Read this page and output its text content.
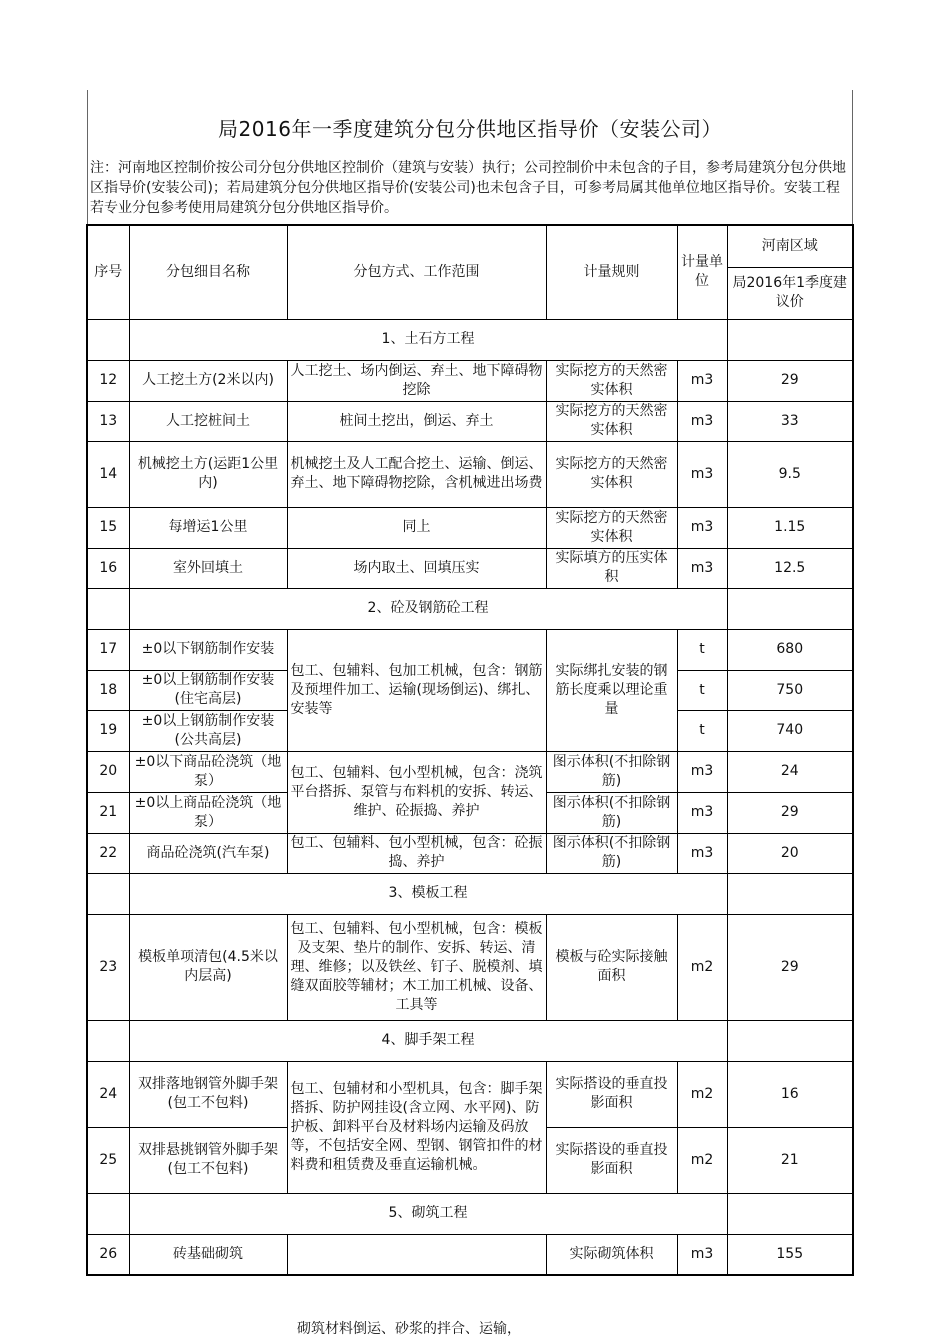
局2016年一季度建筑分包分供地区指导价（安装公司）
注：河南地区控制价按公司分包分供地区控制价（建筑与安装）执行；公司控制价中未包含的子目，参考局建筑分包分供地区指导价(安装公司)；若局建筑分包分供地区指导价(安装公司)也未包含子目，可参考局属其他单位地区指导价。安装工程若专业分包参考使用局建筑分包分供地区指导价。
序号	分包细目名称	分包方式、工作范围	计量规则	计量单位	河南区域
					局2016年1季度建议价
	1、土石方工程				
12	人工挖土方(2米以内)	人工挖土、场内倒运、弃土、地下障碍物挖除	实际挖方的天然密实体积	m3	29
13	人工挖桩间土	桩间土挖出，倒运、弃土	实际挖方的天然密实体积	m3	33
14	机械挖土方(运距1公里内)	机械挖土及人工配合挖土、运输、倒运、弃土、地下障碍物挖除，含机械进出场费	实际挖方的天然密实体积	m3	9.5
15	每增运1公里	同上	实际挖方的天然密实体积	m3	1.15
16	室外回填土	场内取土、回填压实	实际填方的压实体积	m3	12.5
	2、砼及钢筋砼工程				
17	±0以下钢筋制作安装	包工、包辅料、包加工机械，包含：钢筋及预埋件加工、运输(现场倒运)、绑扎、安装等	实际绑扎安装的钢筋长度乘以理论重量	t	680
18	±0以上钢筋制作安装(住宅高层)			t	750
19	±0以上钢筋制作安装(公共高层)			t	740
20	±0以下商品砼浇筑（地泵）	包工、包辅料、包小型机械，包含：浇筑平台搭拆、泵管与布料机的安拆、转运、维护、砼振捣、养护	图示体积(不扣除钢筋)	m3	24
21	±0以上商品砼浇筑（地泵）		图示体积(不扣除钢筋)	m3	29
22	商品砼浇筑(汽车泵)	包工、包辅料、包小型机械，包含：砼振捣、养护	图示体积(不扣除钢筋)	m3	20
	3、模板工程				
23	模板单项清包(4.5米以内层高)	包工、包辅料、包小型机械，包含：模板及支架、垫片的制作、安拆、转运、清理、维修；以及铁丝、钉子、脱模剂、填缝双面胶等辅材；木工加工机械、设备、工具等	模板与砼实际接触面积	m2	29
	4、脚手架工程				
24	双排落地钢管外脚手架(包工不包料)	包工、包辅材和小型机具，包含：脚手架搭拆、防护网挂设(含立网、水平网)、防护板、卸料平台及材料场内运输及码放等，不包括安全网、型钢、钢管扣件的材料费和租赁费及垂直运输机械。	实际搭设的垂直投影面积	m2	16
25	双排悬挑钢管外脚手架(包工不包料)		实际搭设的垂直投影面积	m2	21
	5、砌筑工程				
26	砖基础砌筑		实际砌筑体积	m3	155
砌筑材料倒运、砂浆的拌合、运输，
